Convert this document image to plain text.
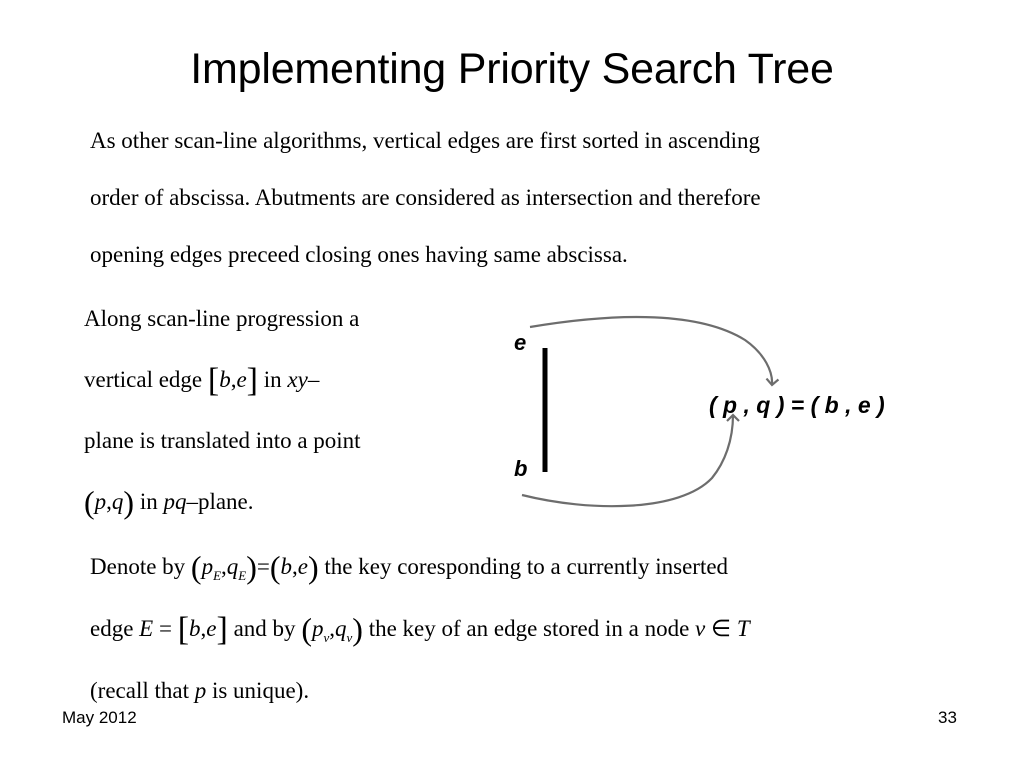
Implementing Priority Search Tree
As other scan-line algorithms, vertical edges are first sorted in ascending
order of abscissa. Abutments are considered as intersection and therefore
opening edges preceed closing ones having same abscissa.
Along scan-line progression a
vertical edge [b,e] in xy–
plane is translated into a point
(p,q) in pq–plane.
e
b
( p , q ) = ( b , e )
Denote by $(p_E,q_E)=(b,e)$ the key coresponding to a currently inserted
edge E = [b,e] and by $(p_v,q_v)$ the key of an edge stored in a node v ∈ T
(recall that p is unique).
May 2012	33
